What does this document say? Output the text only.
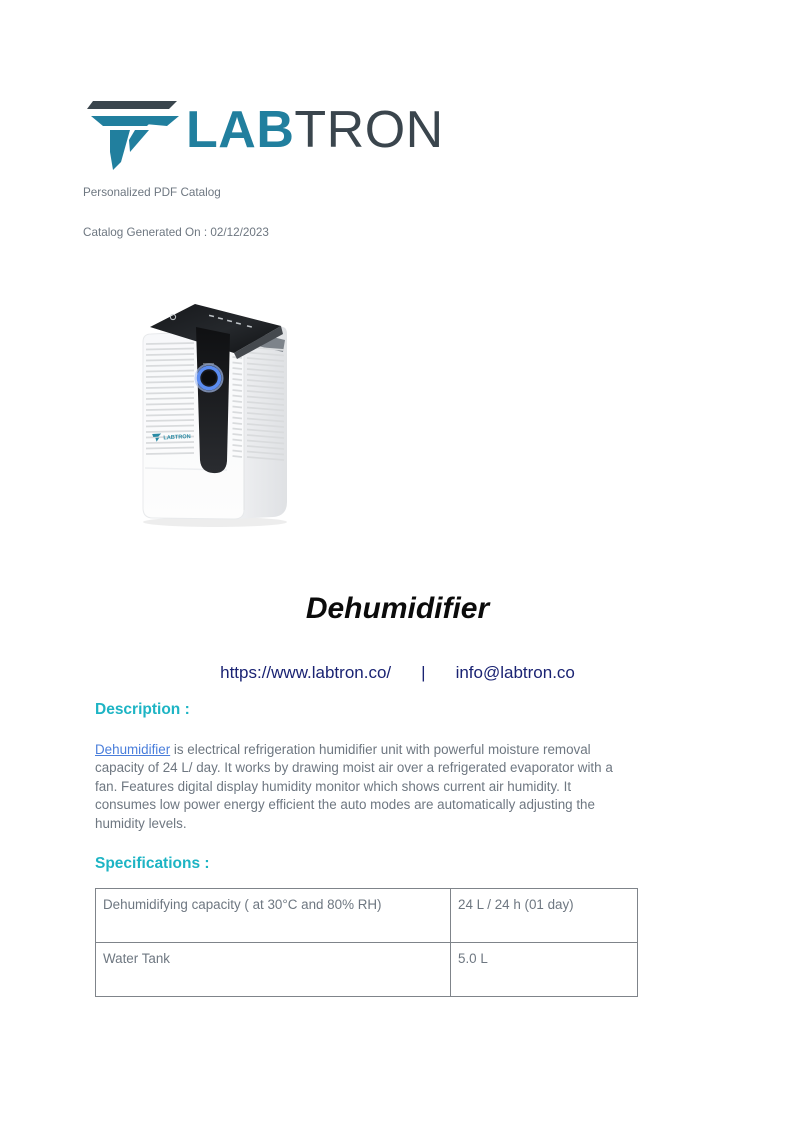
LABTRON
Personalized PDF Catalog
Catalog Generated On : 02/12/2023
LABTRON
Dehumidifier
https://www.labtron.co/ | info@labtron.co
Description :
Dehumidifier is electrical refrigeration humidifier unit with powerful moisture removal capacity of 24 L/ day. It works by drawing moist air over a refrigerated evaporator with a fan. Features digital display humidity monitor which shows current air humidity. It consumes low power energy efficient the auto modes are automatically adjusting the humidity levels.
Specifications :
Dehumidifying capacity ( at 30°C and 80% RH)	24 L / 24 h (01 day)
Water Tank	5.0 L
